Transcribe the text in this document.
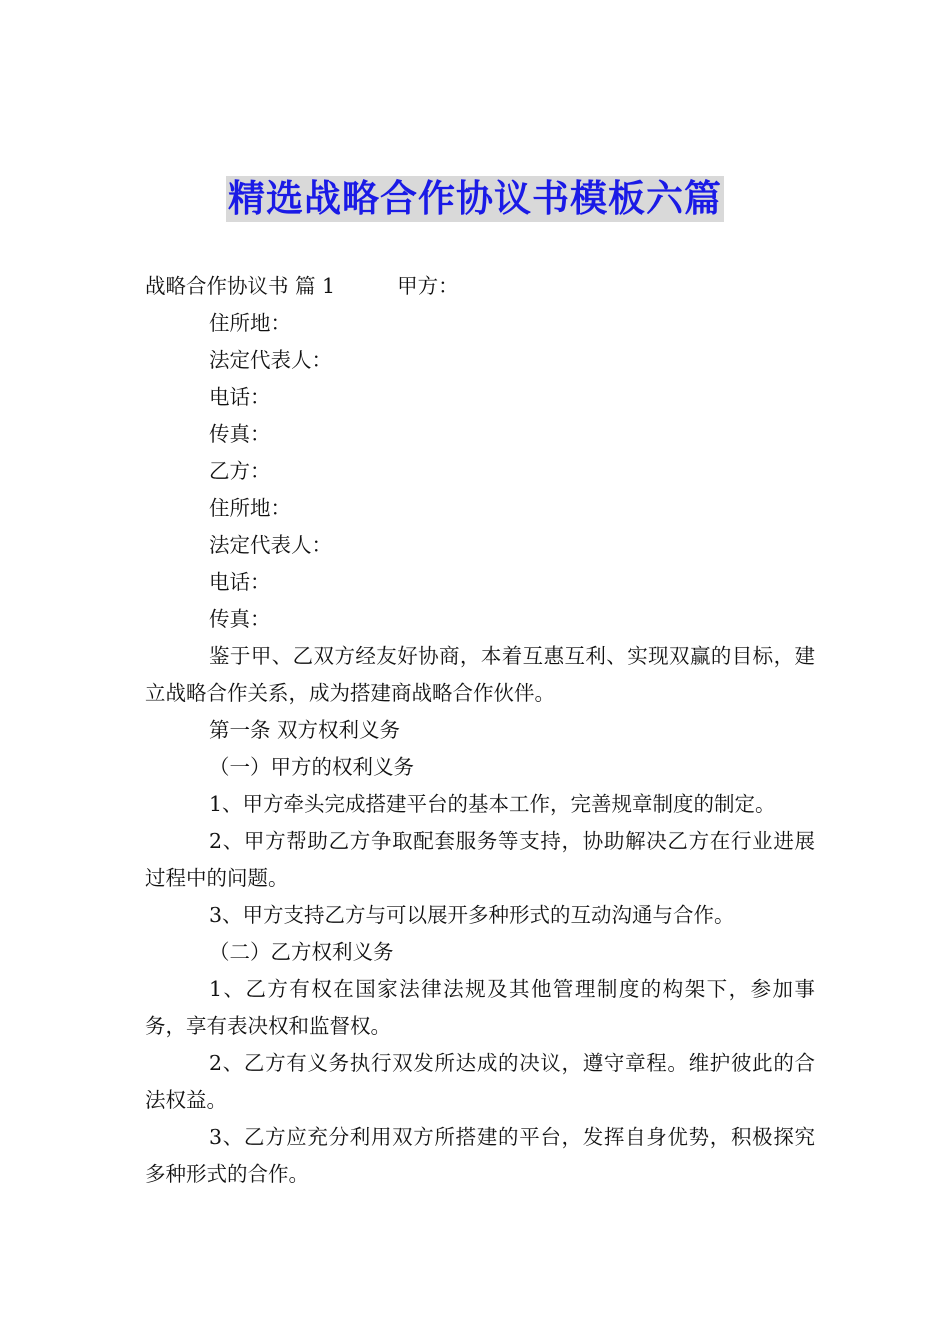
精选战略合作协议书模板六篇

战略合作协议书 篇 1	甲方：

住所地：

法定代表人：

电话：

传真：

乙方：

住所地：

法定代表人：

电话：

传真：

鉴于甲、乙双方经友好协商，本着互惠互利、实现双赢的目标，建立战略合作关系，成为搭建商战略合作伙伴。

第一条 双方权利义务

（一）甲方的权利义务

1、甲方牵头完成搭建平台的基本工作，完善规章制度的制定。

2、甲方帮助乙方争取配套服务等支持，协助解决乙方在行业进展过程中的问题。

3、甲方支持乙方与可以展开多种形式的互动沟通与合作。

（二）乙方权利义务

1、乙方有权在国家法律法规及其他管理制度的构架下，参加事务，享有表决权和监督权。

2、乙方有义务执行双发所达成的决议，遵守章程。维护彼此的合法权益。

3、乙方应充分利用双方所搭建的平台，发挥自身优势，积极探究多种形式的合作。
